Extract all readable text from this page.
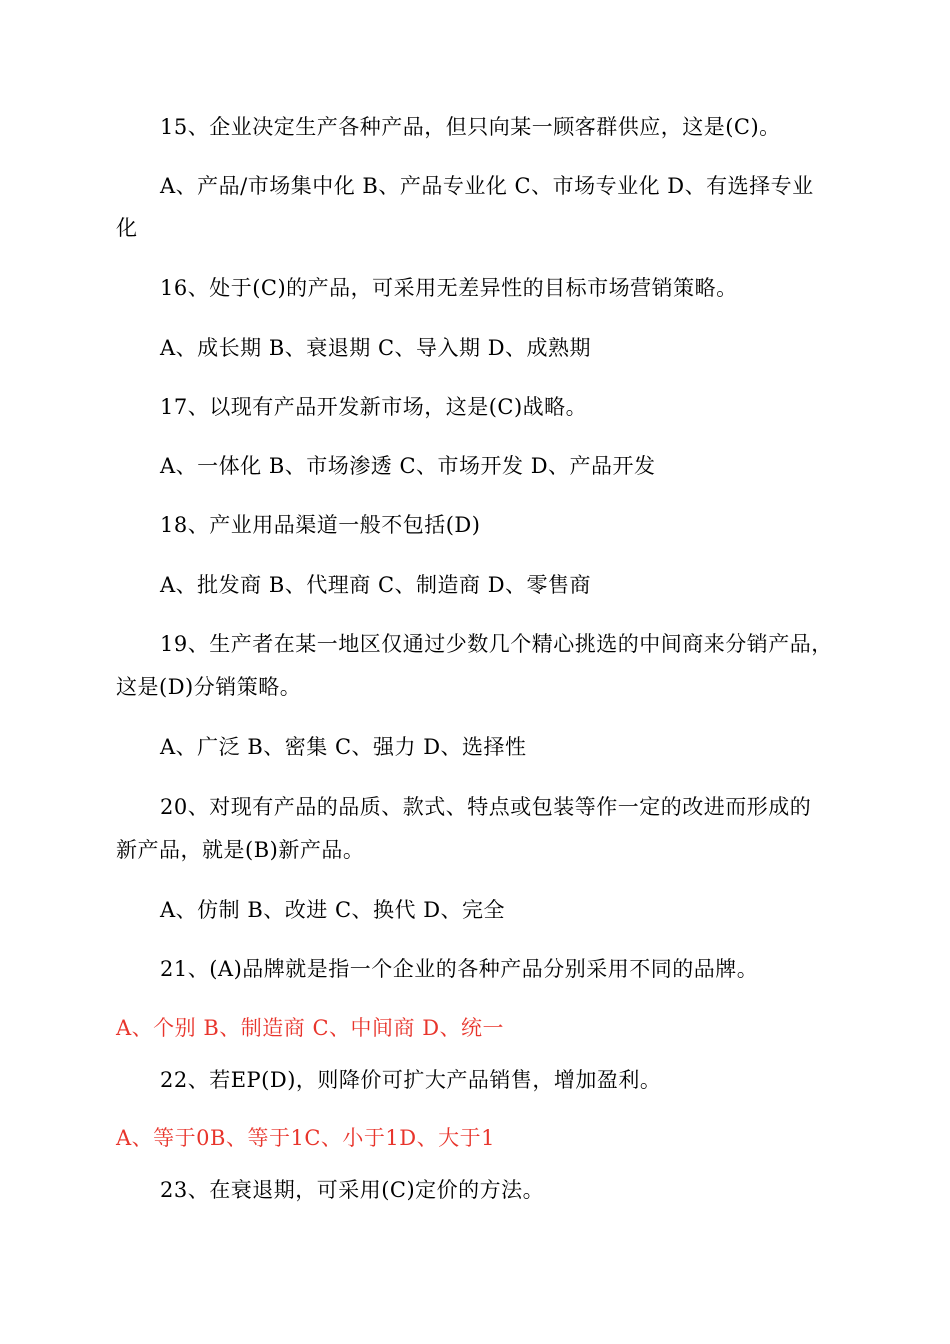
15、企业决定生产各种产品，但只向某一顾客群供应，这是(C)。
A、产品/市场集中化 B、产品专业化 C、市场专业化 D、有选择专业
化
16、处于(C)的产品，可采用无差异性的目标市场营销策略。
A、成长期 B、衰退期 C、导入期 D、成熟期
17、以现有产品开发新市场，这是(C)战略。
A、一体化 B、市场渗透 C、市场开发 D、产品开发
18、产业用品渠道一般不包括(D)
A、批发商 B、代理商 C、制造商 D、零售商
19、生产者在某一地区仅通过少数几个精心挑选的中间商来分销产品，
这是(D)分销策略。
A、广泛 B、密集 C、强力 D、选择性
20、对现有产品的品质、款式、特点或包装等作一定的改进而形成的
新产品，就是(B)新产品。
A、仿制 B、改进 C、换代 D、完全
21、(A)品牌就是指一个企业的各种产品分别采用不同的品牌。
A、个别 B、制造商 C、中间商 D、统一
22、若EP(D)，则降价可扩大产品销售，增加盈利。
A、等于0B、等于1C、小于1D、大于1
23、在衰退期，可采用(C)定价的方法。
